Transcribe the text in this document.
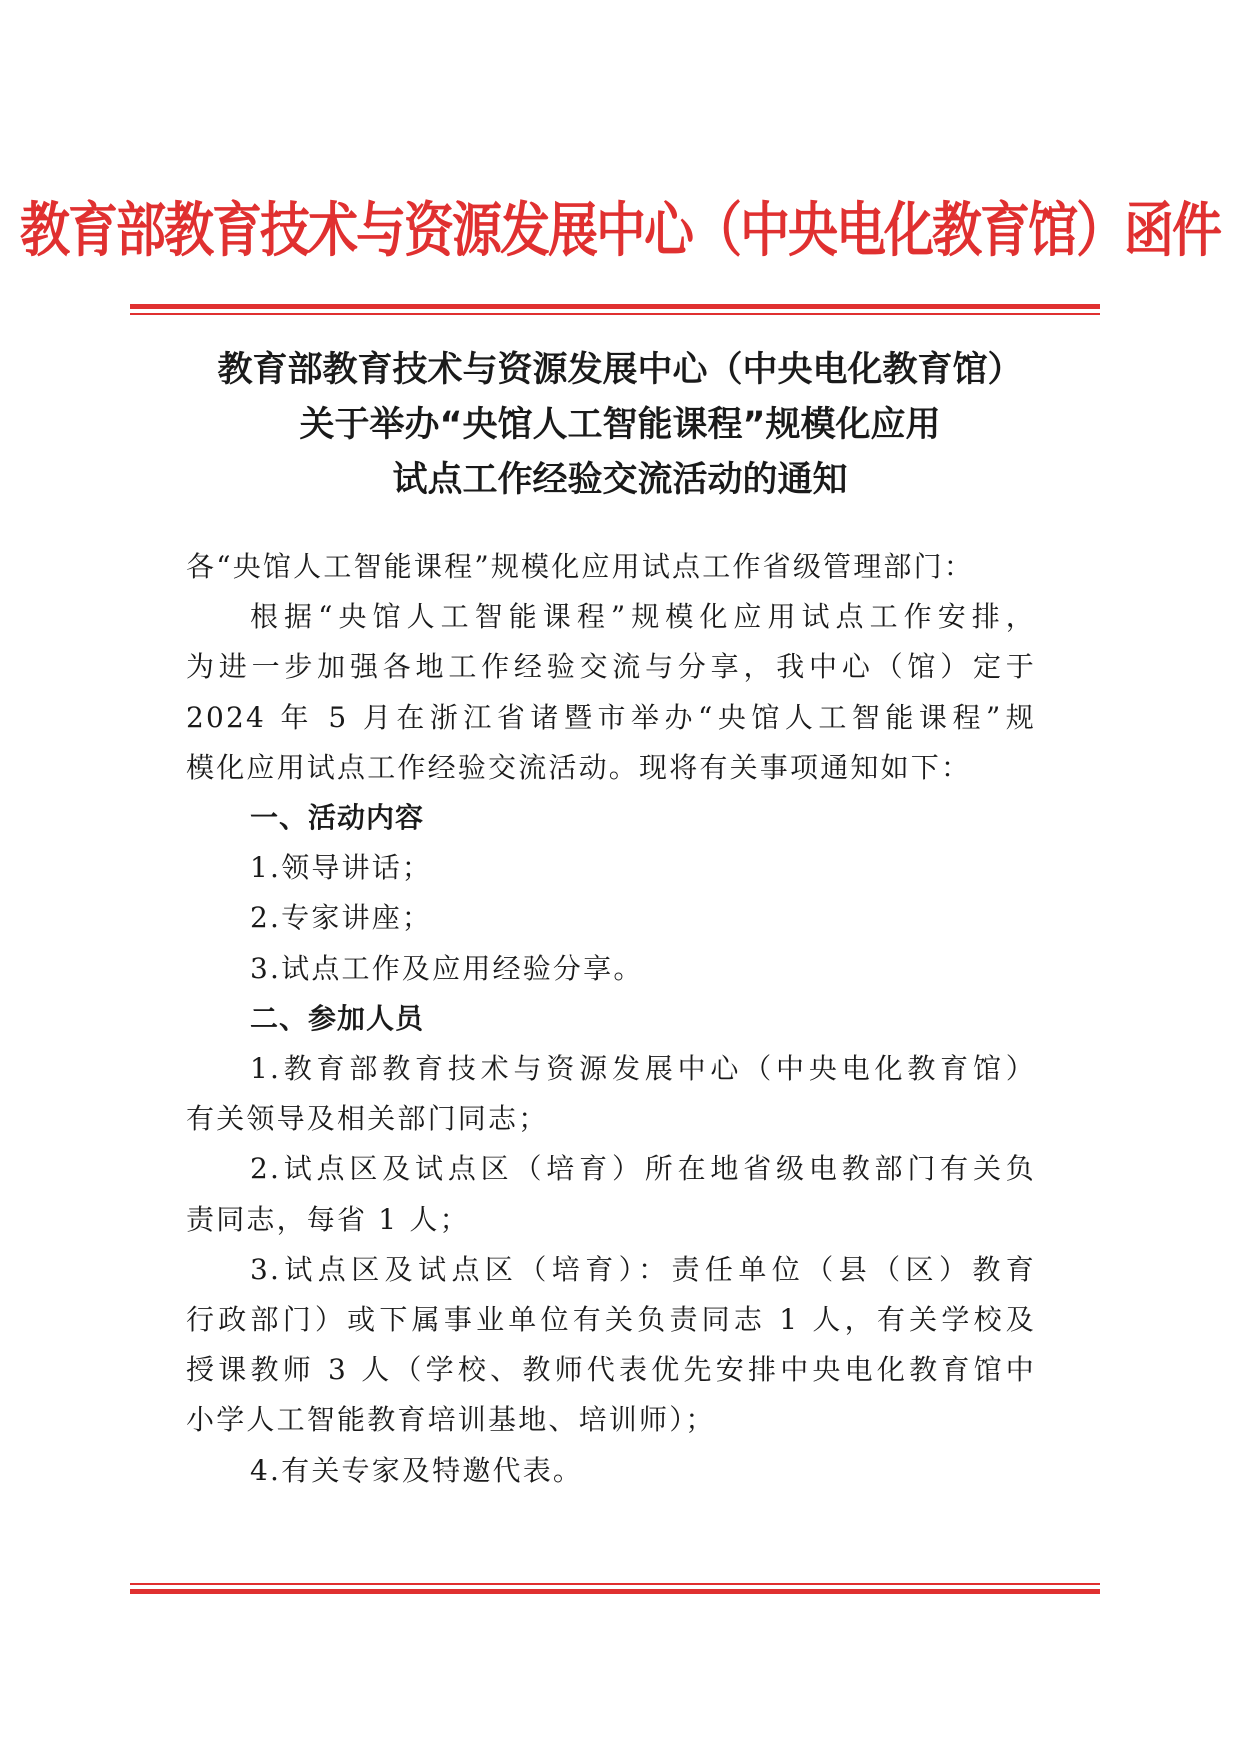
教育部教育技术与资源发展中心（中央电化教育馆）函件
教育部教育技术与资源发展中心（中央电化教育馆）
关于举办“央馆人工智能课程”规模化应用
试点工作经验交流活动的通知

各“央馆人工智能课程”规模化应用试点工作省级管理部门：

根据“央馆人工智能课程”规模化应用试点工作安排，

为进一步加强各地工作经验交流与分享，我中心（馆）定于

2024 年 5 月在浙江省诸暨市举办“央馆人工智能课程”规

模化应用试点工作经验交流活动。现将有关事项通知如下：

一、活动内容

1.领导讲话；

2.专家讲座；

3.试点工作及应用经验分享。

二、参加人员

1.教育部教育技术与资源发展中心（中央电化教育馆）

有关领导及相关部门同志；

2.试点区及试点区（培育）所在地省级电教部门有关负

责同志，每省 1 人；

3.试点区及试点区（培育）：责任单位（县（区）教育

行政部门）或下属事业单位有关负责同志 1 人，有关学校及

授课教师 3 人（学校、教师代表优先安排中央电化教育馆中

小学人工智能教育培训基地、培训师）；

4.有关专家及特邀代表。
